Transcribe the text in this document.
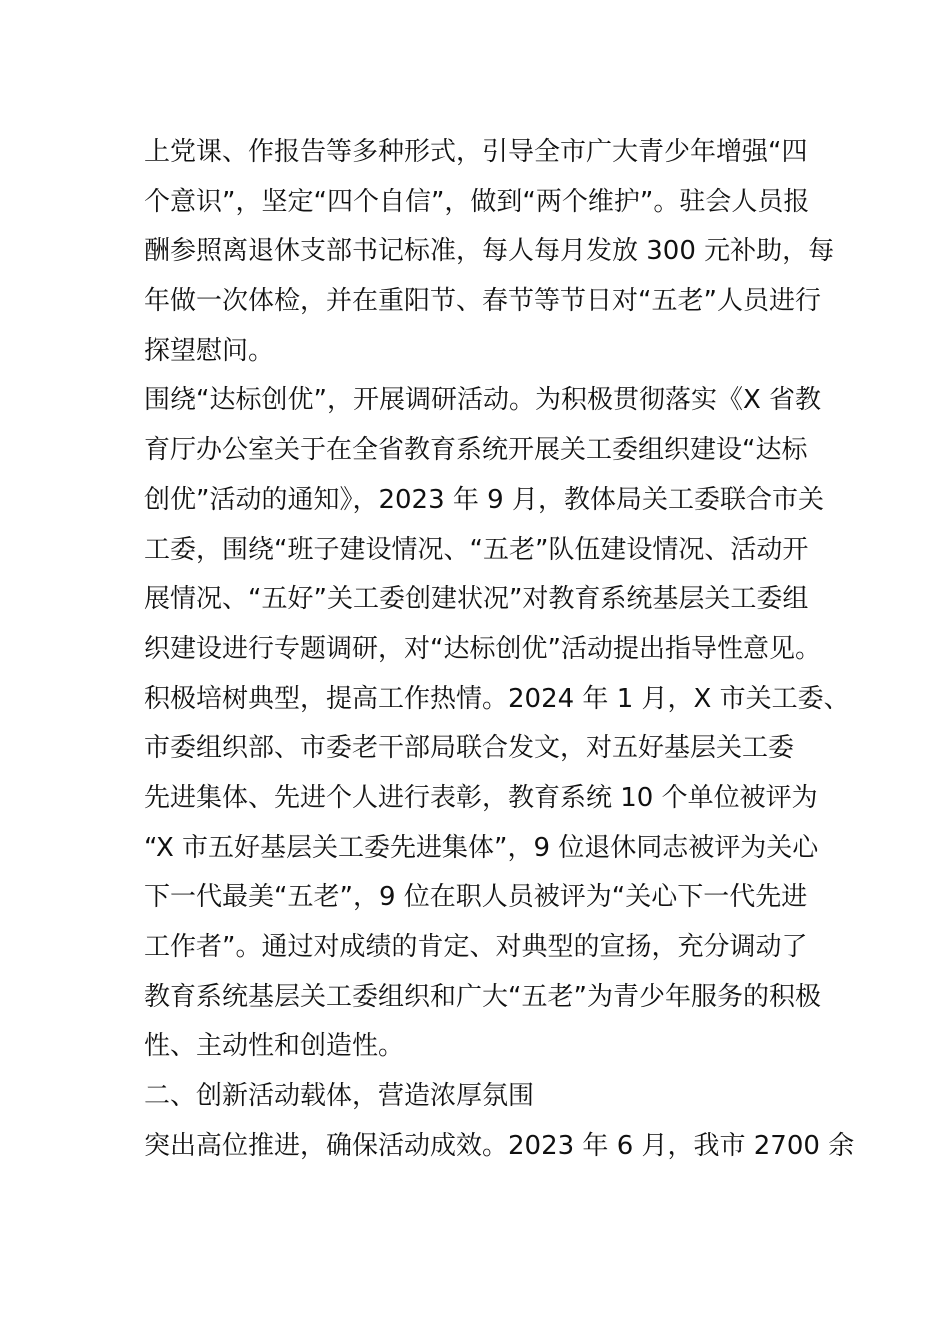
上党课、作报告等多种形式，引导全市广大青少年增强“四
个意识”，坚定“四个自信”，做到“两个维护”。驻会人员报
酬参照离退休支部书记标准，每人每月发放 300 元补助，每
年做一次体检，并在重阳节、春节等节日对“五老”人员进行
探望慰问。
围绕“达标创优”，开展调研活动。为积极贯彻落实《X 省教
育厅办公室关于在全省教育系统开展关工委组织建设“达标
创优”活动的通知》，2023 年 9 月，教体局关工委联合市关
工委，围绕“班子建设情况、“五老”队伍建设情况、活动开
展情况、“五好”关工委创建状况”对教育系统基层关工委组
织建设进行专题调研，对“达标创优”活动提出指导性意见。
积极培树典型，提高工作热情。2024 年 1 月，X 市关工委、
市委组织部、市委老干部局联合发文，对五好基层关工委
先进集体、先进个人进行表彰，教育系统 10 个单位被评为
“X 市五好基层关工委先进集体”，9 位退休同志被评为关心
下一代最美“五老”，9 位在职人员被评为“关心下一代先进
工作者”。通过对成绩的肯定、对典型的宣扬，充分调动了
教育系统基层关工委组织和广大“五老”为青少年服务的积极
性、主动性和创造性。
二、创新活动载体，营造浓厚氛围
突出高位推进，确保活动成效。2023 年 6 月，我市 2700 余
